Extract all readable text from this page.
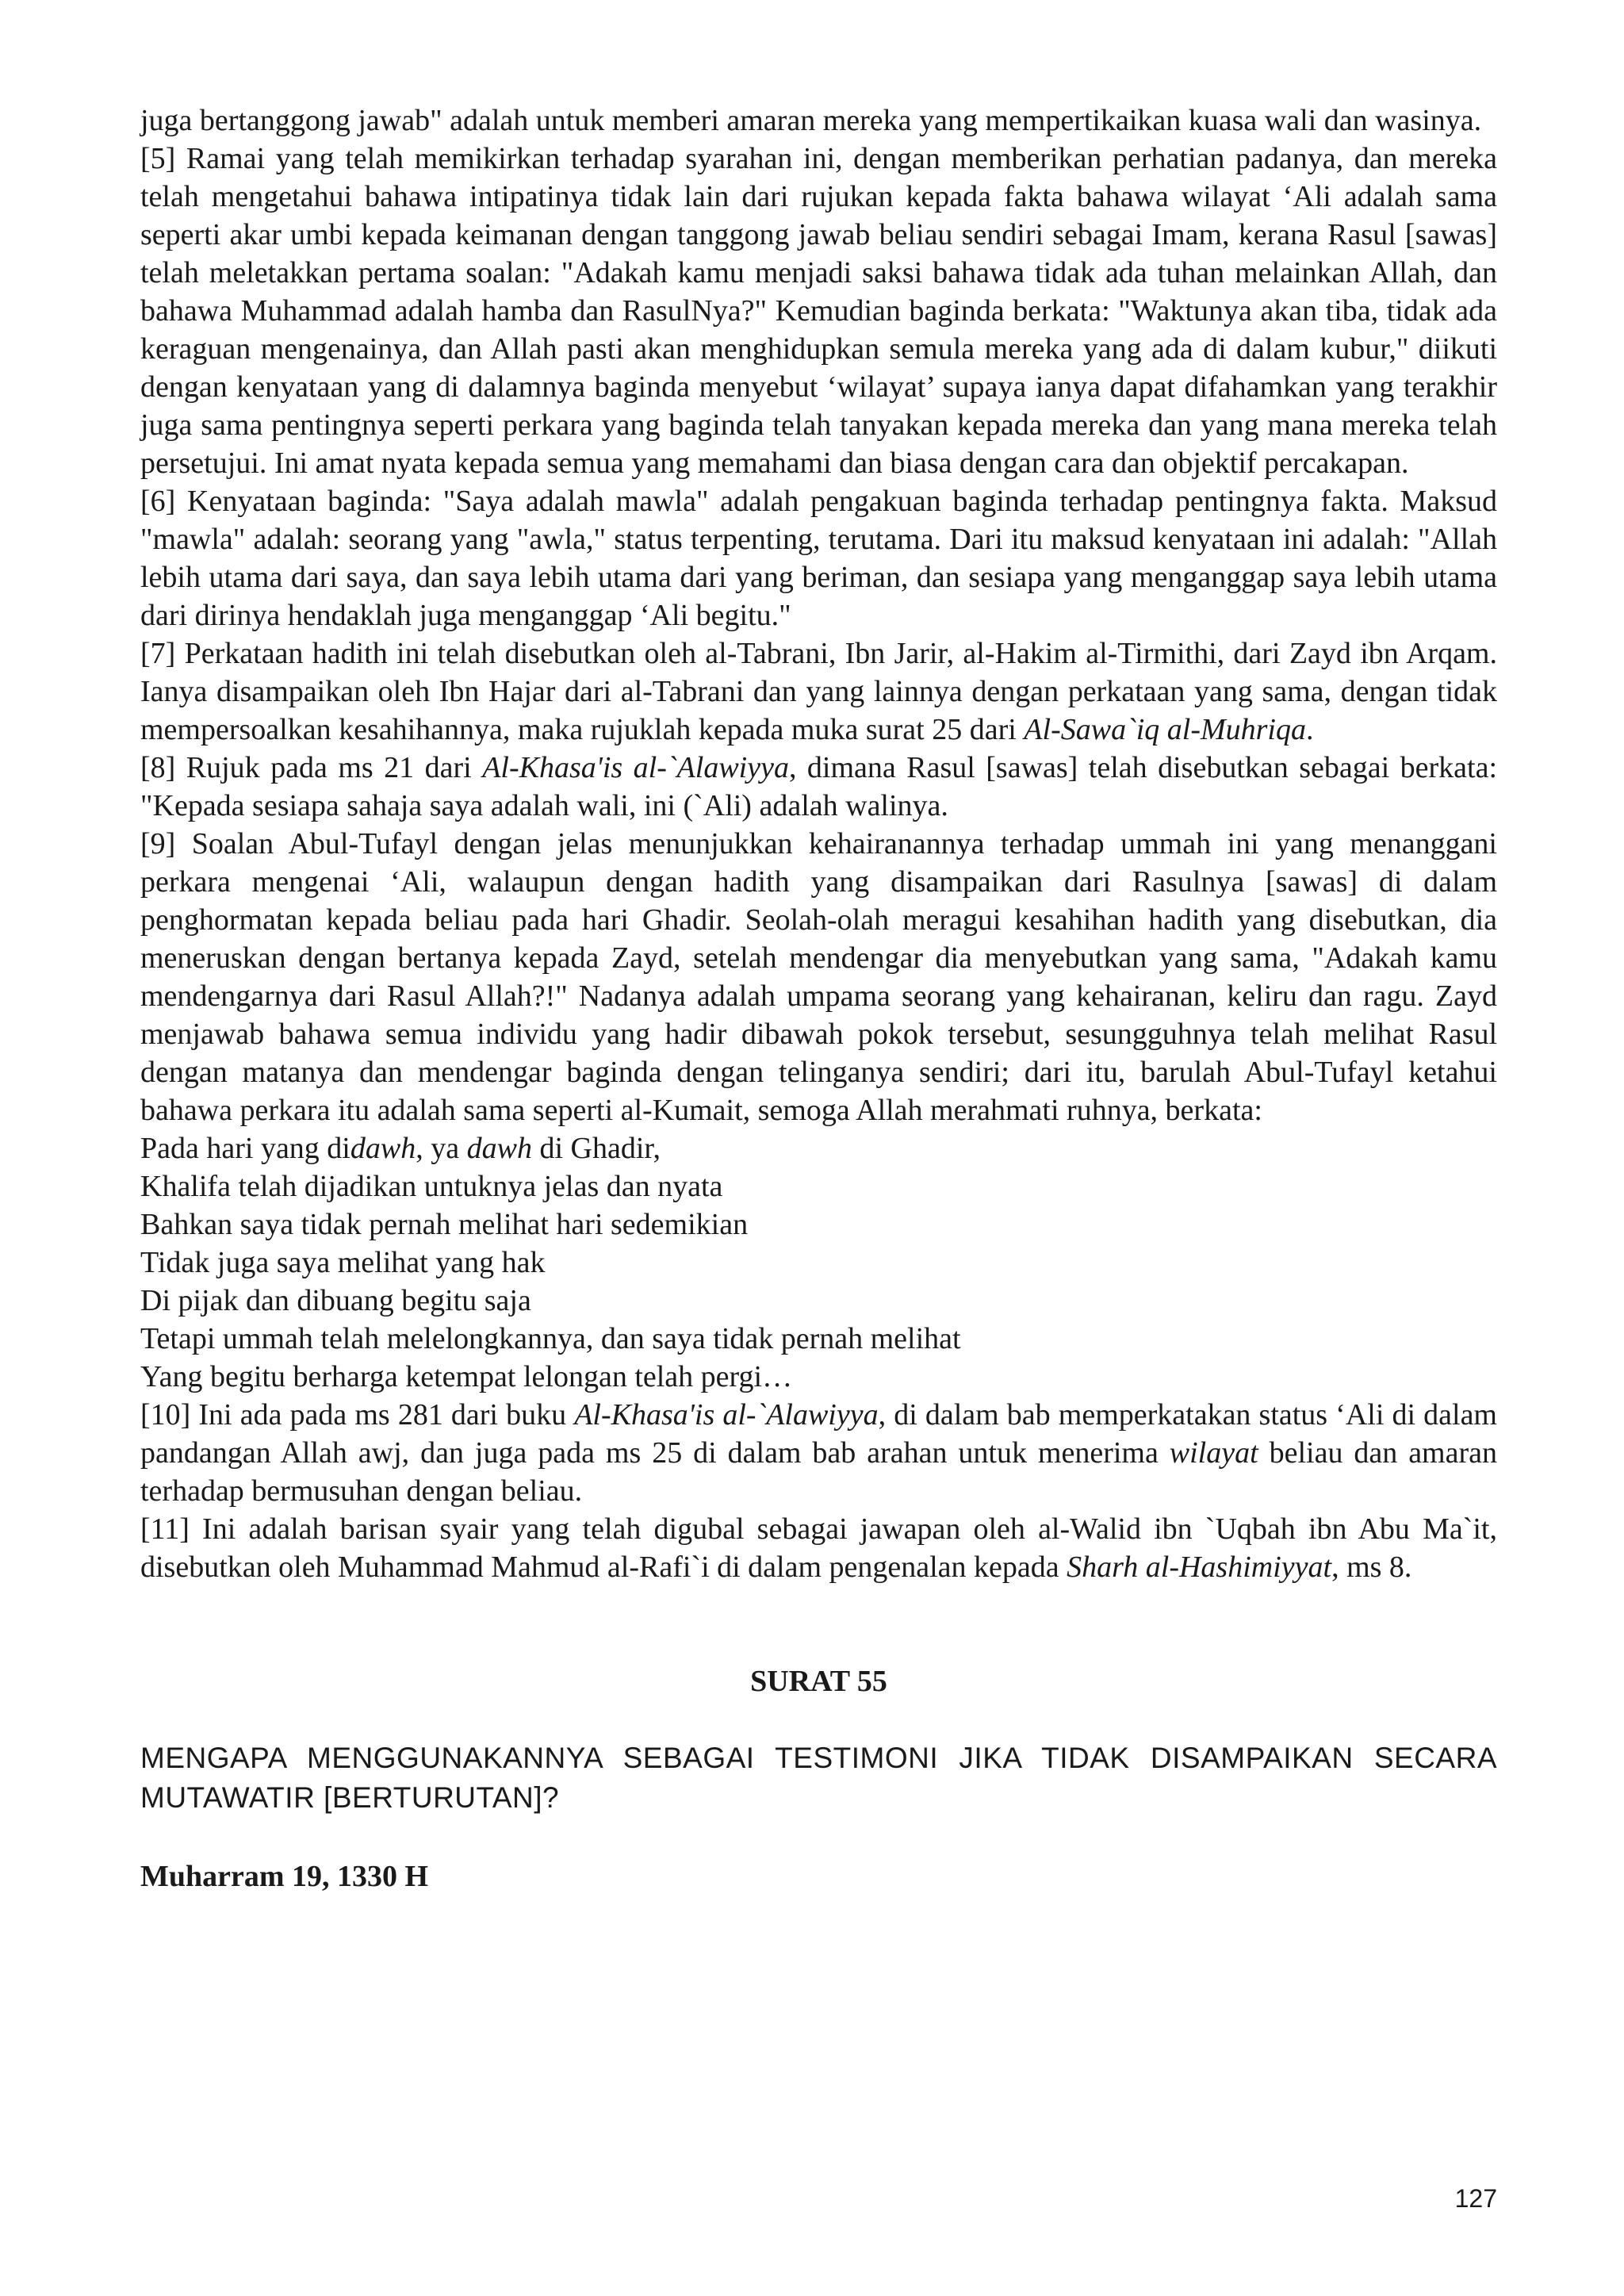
juga bertanggong jawab" adalah untuk memberi amaran mereka yang mempertikaikan kuasa wali dan wasinya.

[5] Ramai yang telah memikirkan terhadap syarahan ini, dengan memberikan perhatian padanya, dan mereka telah mengetahui bahawa intipatinya tidak lain dari rujukan kepada fakta bahawa wilayat ‘Ali adalah sama seperti akar umbi kepada keimanan dengan tanggong jawab beliau sendiri sebagai Imam, kerana Rasul [sawas] telah meletakkan pertama soalan: "Adakah kamu menjadi saksi bahawa tidak ada tuhan melainkan Allah, dan bahawa Muhammad adalah hamba dan RasulNya?" Kemudian baginda berkata: "Waktunya akan tiba, tidak ada keraguan mengenainya, dan Allah pasti akan menghidupkan semula mereka yang ada di dalam kubur," diikuti dengan kenyataan yang di dalamnya baginda menyebut ‘wilayat’ supaya ianya dapat difahamkan yang terakhir juga sama pentingnya seperti perkara yang baginda telah tanyakan kepada mereka dan yang mana mereka telah persetujui. Ini amat nyata kepada semua yang memahami dan biasa dengan cara dan objektif percakapan.

[6] Kenyataan baginda: "Saya adalah mawla" adalah pengakuan baginda terhadap pentingnya fakta. Maksud "mawla" adalah: seorang yang "awla," status terpenting, terutama. Dari itu maksud kenyataan ini adalah: "Allah lebih utama dari saya, dan saya lebih utama dari yang beriman, dan sesiapa yang menganggap saya lebih utama dari dirinya hendaklah juga menganggap ‘Ali begitu."

[7] Perkataan hadith ini telah disebutkan oleh al-Tabrani, Ibn Jarir, al-Hakim al-Tirmithi, dari Zayd ibn Arqam. Ianya disampaikan oleh Ibn Hajar dari al-Tabrani dan yang lainnya dengan perkataan yang sama, dengan tidak mempersoalkan kesahihannya, maka rujuklah kepada muka surat 25 dari Al-Sawa`iq al-Muhriqa.

[8] Rujuk pada ms 21 dari Al-Khasa'is al-`Alawiyya, dimana Rasul [sawas] telah disebutkan sebagai berkata: "Kepada sesiapa sahaja saya adalah wali, ini (`Ali) adalah walinya.

[9] Soalan Abul-Tufayl dengan jelas menunjukkan kehairanannya terhadap ummah ini yang menanggani perkara mengenai ‘Ali, walaupun dengan hadith yang disampaikan dari Rasulnya [sawas] di dalam penghormatan kepada beliau pada hari Ghadir. Seolah-olah meragui kesahihan hadith yang disebutkan, dia meneruskan dengan bertanya kepada Zayd, setelah mendengar dia menyebutkan yang sama, "Adakah kamu mendengarnya dari Rasul Allah?!" Nadanya adalah umpama seorang yang kehairanan, keliru dan ragu. Zayd menjawab bahawa semua individu yang hadir dibawah pokok tersebut, sesungguhnya telah melihat Rasul dengan matanya dan mendengar baginda dengan telinganya sendiri; dari itu, barulah Abul-Tufayl ketahui bahawa perkara itu adalah sama seperti al-Kumait, semoga Allah merahmati ruhnya, berkata:

Pada hari yang didawh, ya dawh di Ghadir,

Khalifa telah dijadikan untuknya jelas dan nyata

Bahkan saya tidak pernah melihat hari sedemikian

Tidak juga saya melihat yang hak

Di pijak dan dibuang begitu saja

Tetapi ummah telah melelongkannya, dan saya tidak pernah melihat

Yang begitu berharga ketempat lelongan telah pergi…

[10] Ini ada pada ms 281 dari buku Al-Khasa'is al-`Alawiyya, di dalam bab memperkatakan status ‘Ali di dalam pandangan Allah awj, dan juga pada ms 25 di dalam bab arahan untuk menerima wilayat beliau dan amaran terhadap bermusuhan dengan beliau.

[11] Ini adalah barisan syair yang telah digubal sebagai jawapan oleh al-Walid ibn `Uqbah ibn Abu Ma`it, disebutkan oleh Muhammad Mahmud al-Rafi`i di dalam pengenalan kepada Sharh al-Hashimiyyat, ms 8.

SURAT 55

MENGAPA MENGGUNAKANNYA SEBAGAI TESTIMONI JIKA TIDAK DISAMPAIKAN SECARA MUTAWATIR [BERTURUTAN]?

Muharram 19, 1330 H

127
